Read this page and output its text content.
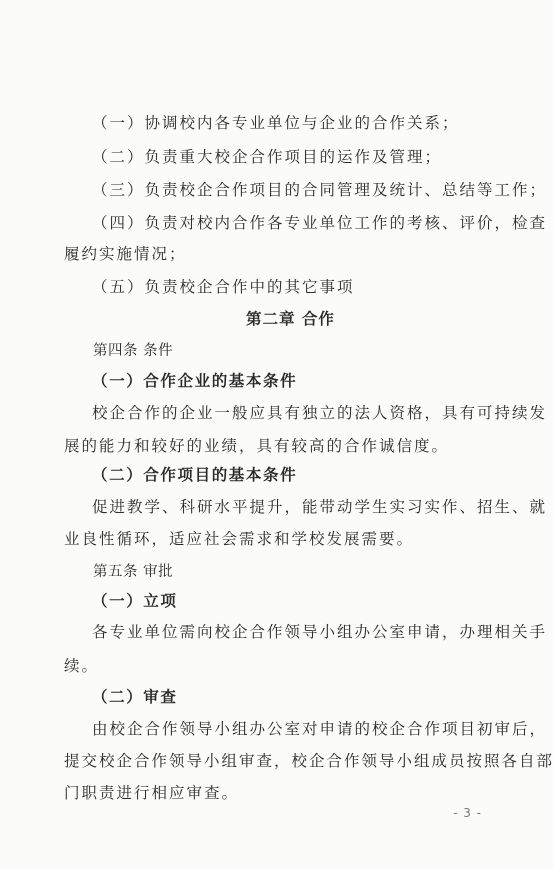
（一）协调校内各专业单位与企业的合作关系；
（二）负责重大校企合作项目的运作及管理；
（三）负责校企合作项目的合同管理及统计、总结等工作；
（四）负责对校内合作各专业单位工作的考核、评价，检查
履约实施情况；
（五）负责校企合作中的其它事项
第二章 合作
第四条 条件
（一）合作企业的基本条件
校企合作的企业一般应具有独立的法人资格，具有可持续发
展的能力和较好的业绩，具有较高的合作诚信度。
（二）合作项目的基本条件
促进教学、科研水平提升，能带动学生实习实作、招生、就
业良性循环，适应社会需求和学校发展需要。
第五条 审批
（一）立项
各专业单位需向校企合作领导小组办公室申请，办理相关手
续。
（二）审查
由校企合作领导小组办公室对申请的校企合作项目初审后，
提交校企合作领导小组审查，校企合作领导小组成员按照各自部
门职责进行相应审查。
- 3 -
